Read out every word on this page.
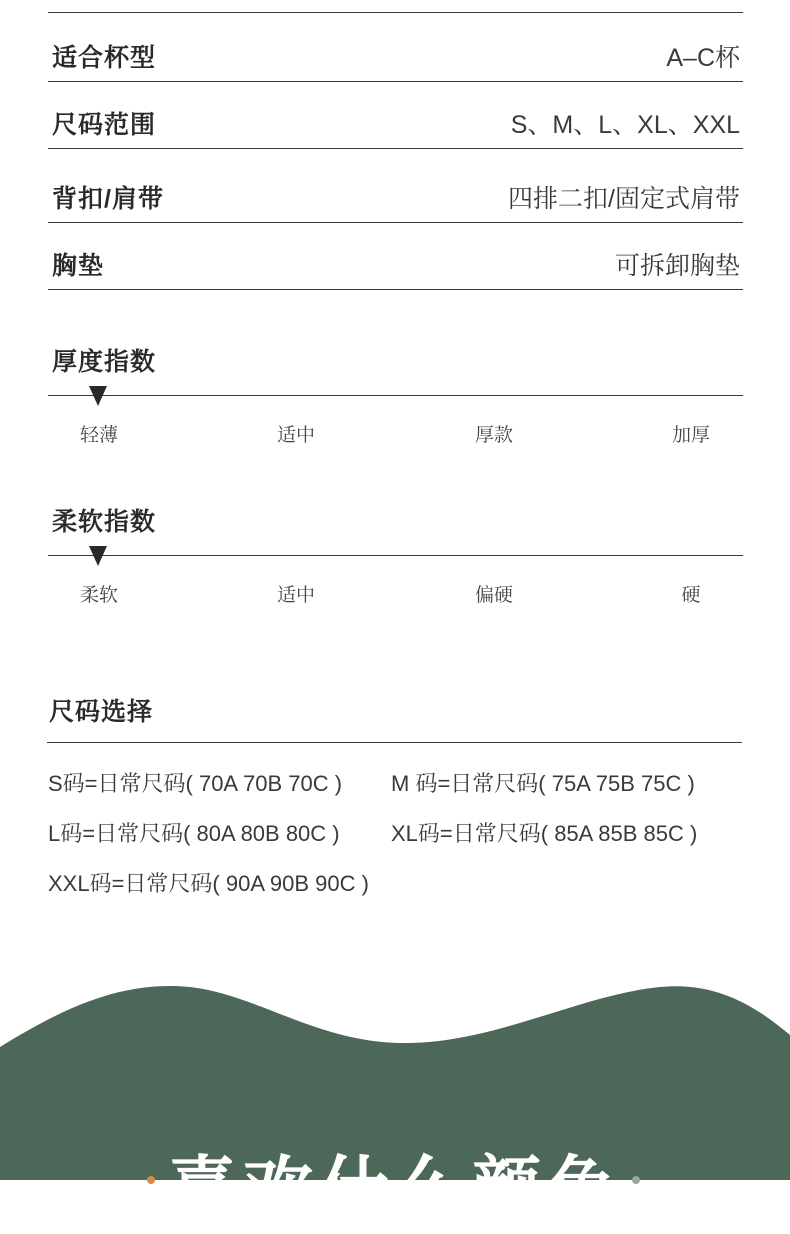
适合杯型	A–C杯
尺码范围	S、M、L、XL、XXL
背扣/肩带	四排二扣/固定式肩带
胸垫	可拆卸胸垫
厚度指数
轻薄	适中	厚款	加厚
柔软指数
柔软	适中	偏硬	硬
尺码选择
S码=日常尺码( 70A 70B 70C ) M 码=日常尺码( 75A 75B 75C )
L码=日常尺码( 80A 80B 80C ) XL码=日常尺码( 85A 85B 85C )
XXL码=日常尺码( 90A 90B 90C )
喜欢什么颜色
